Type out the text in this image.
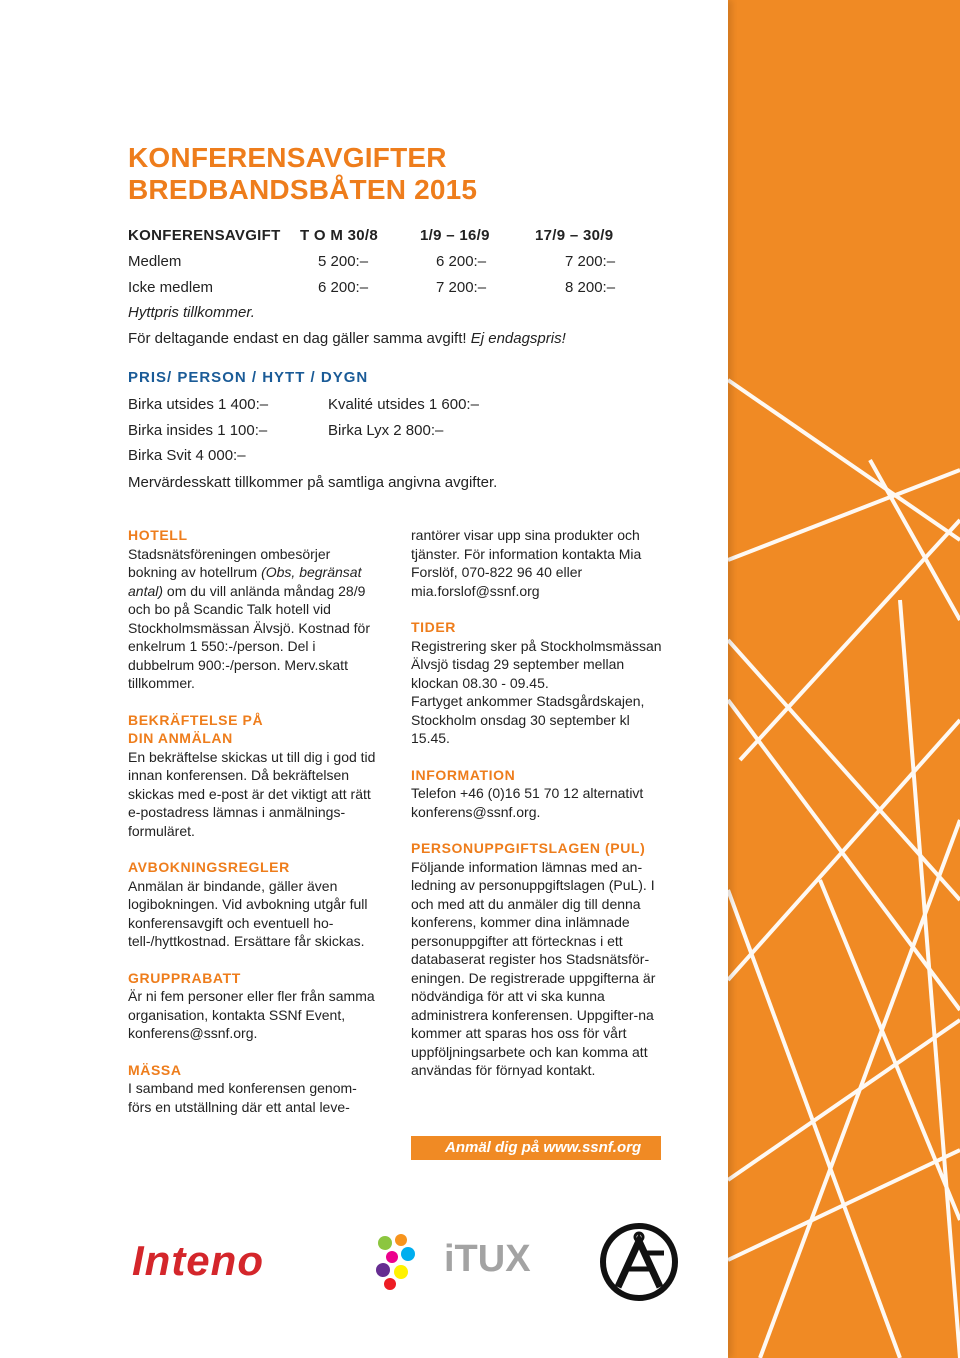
KONFERENSAVGIFTER
BREDBANDSBÅTEN 2015
KONFERENSAVGIFT T O M 30/8	1/9 – 16/9	17/9 – 30/9
Medlem	5 200:–	6 200:–	7 200:–
Icke medlem	6 200:–	7 200:–	8 200:–
Hyttpris tillkommer.
För deltagande endast en dag gäller samma avgift! Ej endagspris!
PRIS/ PERSON / HYTT / DYGN
Birka utsides 1 400:–	Kvalité utsides 1 600:–
Birka insides 1 100:–	Birka Lyx 2 800:–
Birka Svit 4 000:–
Mervärdesskatt tillkommer på samtliga angivna avgifter.
HOTELL

Stadsnätsföreningen ombesörjer bokning av hotellrum (Obs, begränsat antal) om du vill anlända måndag 28/9 och bo på Scandic Talk hotell vid Stockholmsmässan Älvsjö. Kostnad för enkelrum 1 550:-/person. Del i dubbelrum 900:-/person. Merv.skatt tillkommer.

BEKRÄFTELSE PÅ
DIN ANMÄLAN

En bekräftelse skickas ut till dig i god tid innan konferensen. Då bekräftelsen skickas med e-post är det viktigt att rätt e-postadress lämnas i anmälnings-formuläret.

AVBOKNINGSREGLER

Anmälan är bindande, gäller även logibokningen. Vid avbokning utgår full konferensavgift och eventuell ho-tell-/hyttkostnad. Ersättare får skickas.

GRUPPRABATT

Är ni fem personer eller fler från samma organisation, kontakta SSNf Event, konferens@ssnf.org.

MÄSSA

I samband med konferensen genom-förs en utställning där ett antal leve-

rantörer visar upp sina produkter och tjänster. För information kontakta Mia Forslöf, 070-822 96 40 eller mia.forslof@ssnf.org

TIDER

Registrering sker på Stockholmsmässan Älvsjö tisdag 29 september mellan klockan 08.30 - 09.45.

Fartyget ankommer Stadsgårdskajen, Stockholm onsdag 30 september kl 15.45.

INFORMATION

Telefon +46 (0)16 51 70 12 alternativt konferens@ssnf.org.

PERSONUPPGIFTSLAGEN (PUL)

Följande information lämnas med an-ledning av personuppgiftslagen (PuL). I och med att du anmäler dig till denna konferens, kommer dina inlämnade personuppgifter att förtecknas i ett databaserat register hos Stadsnätsför-eningen. De registrerade uppgifterna är nödvändiga för att vi ska kunna administrera konferensen. Uppgifter-na kommer att sparas hos oss för vårt uppföljningsarbete och kan komma att användas för förnyad kontakt.

Anmäl dig på www.ssnf.org
Inteno	iTUX
